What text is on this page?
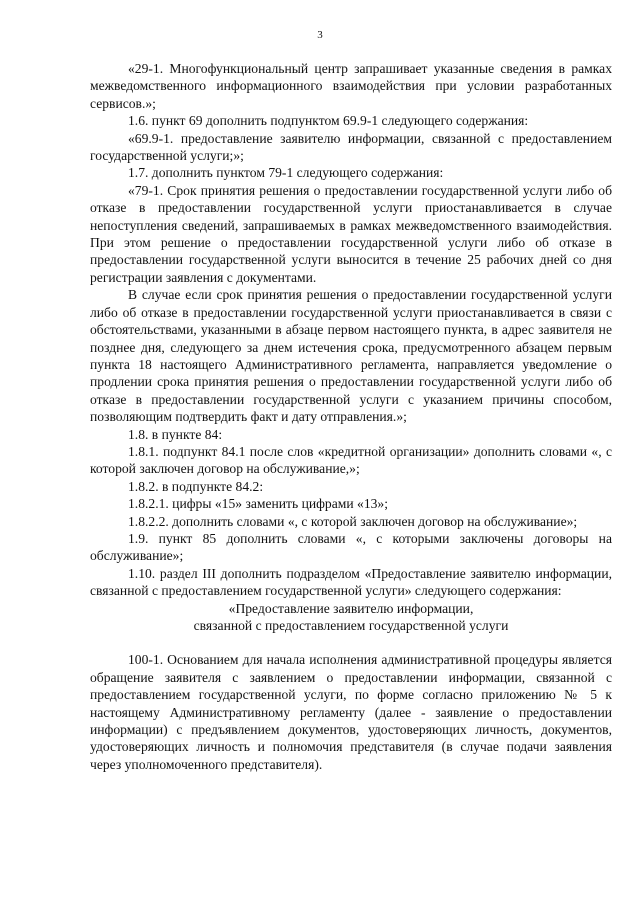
3

«29-1. Многофункциональный центр запрашивает указанные сведения в рамках межведомственного информационного взаимодействия при условии разработанных сервисов.»;

1.6. пункт 69 дополнить подпунктом 69.9-1 следующего содержания:

«69.9-1. предоставление заявителю информации, связанной с предоставлением государственной услуги;»;

1.7. дополнить пунктом 79-1 следующего содержания:

«79-1. Срок принятия решения о предоставлении государственной услуги либо об отказе в предоставлении государственной услуги приостанавливается в случае непоступления сведений, запрашиваемых в рамках межведомственного взаимодействия. При этом решение о предоставлении государственной услуги либо об отказе в предоставлении государственной услуги выносится в течение 25 рабочих дней со дня регистрации заявления с документами.

В случае если срок принятия решения о предоставлении государственной услуги либо об отказе в предоставлении государственной услуги приостанавливается в связи с обстоятельствами, указанными в абзаце первом настоящего пункта, в адрес заявителя не позднее дня, следующего за днем истечения срока, предусмотренного абзацем первым пункта 18 настоящего Административного регламента, направляется уведомление о продлении срока принятия решения о предоставлении государственной услуги либо об отказе в предоставлении государственной услуги с указанием причины способом, позволяющим подтвердить факт и дату отправления.»;

1.8. в пункте 84:

1.8.1. подпункт 84.1 после слов «кредитной организации» дополнить словами «, с которой заключен договор на обслуживание,»;

1.8.2. в подпункте 84.2:

1.8.2.1. цифры «15» заменить цифрами «13»;

1.8.2.2. дополнить словами «, с которой заключен договор на обслуживание»;

1.9. пункт 85 дополнить словами «, с которыми заключены договоры на обслуживание»;

1.10. раздел III дополнить подразделом «Предоставление заявителю информации, связанной с предоставлением государственной услуги» следующего содержания:

«Предоставление заявителю информации,

связанной с предоставлением государственной услуги

100-1. Основанием для начала исполнения административной процедуры является обращение заявителя с заявлением о предоставлении информации, связанной с предоставлением государственной услуги, по форме согласно приложению № 5 к настоящему Административному регламенту (далее - заявление о предоставлении информации) с предъявлением документов, удостоверяющих личность, документов, удостоверяющих личность и полномочия представителя (в случае подачи заявления через уполномоченного представителя).
